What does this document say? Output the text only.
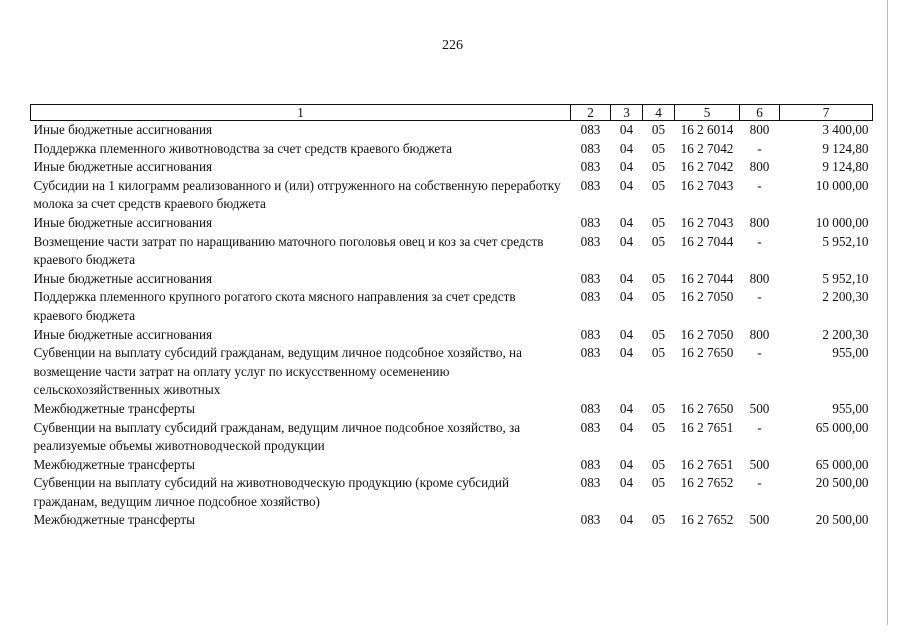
226
1	2	3	4	5	6	7
Иные бюджетные ассигнования	083	04	05	16 2 6014	800	3 400,00
Поддержка племенного животноводства за счет средств краевого бюджета	083	04	05	16 2 7042	-	9 124,80
Иные бюджетные ассигнования	083	04	05	16 2 7042	800	9 124,80
Субсидии на 1 килограмм реализованного и (или) отгруженного на собственную переработку молока за счет средств краевого бюджета	083	04	05	16 2 7043	-	10 000,00
Иные бюджетные ассигнования	083	04	05	16 2 7043	800	10 000,00
Возмещение части затрат по наращиванию маточного поголовья овец и коз за счет средств краевого бюджета	083	04	05	16 2 7044	-	5 952,10
Иные бюджетные ассигнования	083	04	05	16 2 7044	800	5 952,10
Поддержка племенного крупного рогатого скота мясного направления за счет средств краевого бюджета	083	04	05	16 2 7050	-	2 200,30
Иные бюджетные ассигнования	083	04	05	16 2 7050	800	2 200,30
Субвенции на выплату субсидий гражданам, ведущим личное подсобное хозяйство, на возмещение части затрат на оплату услуг по искусственному осеменению сельскохозяйственных животных	083	04	05	16 2 7650	-	955,00
Межбюджетные трансферты	083	04	05	16 2 7650	500	955,00
Субвенции на выплату субсидий гражданам, ведущим личное подсобное хозяйство, за реализуемые объемы животноводческой продукции	083	04	05	16 2 7651	-	65 000,00
Межбюджетные трансферты	083	04	05	16 2 7651	500	65 000,00
Субвенции на выплату субсидий на животноводческую продукцию (кроме субсидий гражданам, ведущим личное подсобное хозяйство)	083	04	05	16 2 7652	-	20 500,00
Межбюджетные трансферты	083	04	05	16 2 7652	500	20 500,00
